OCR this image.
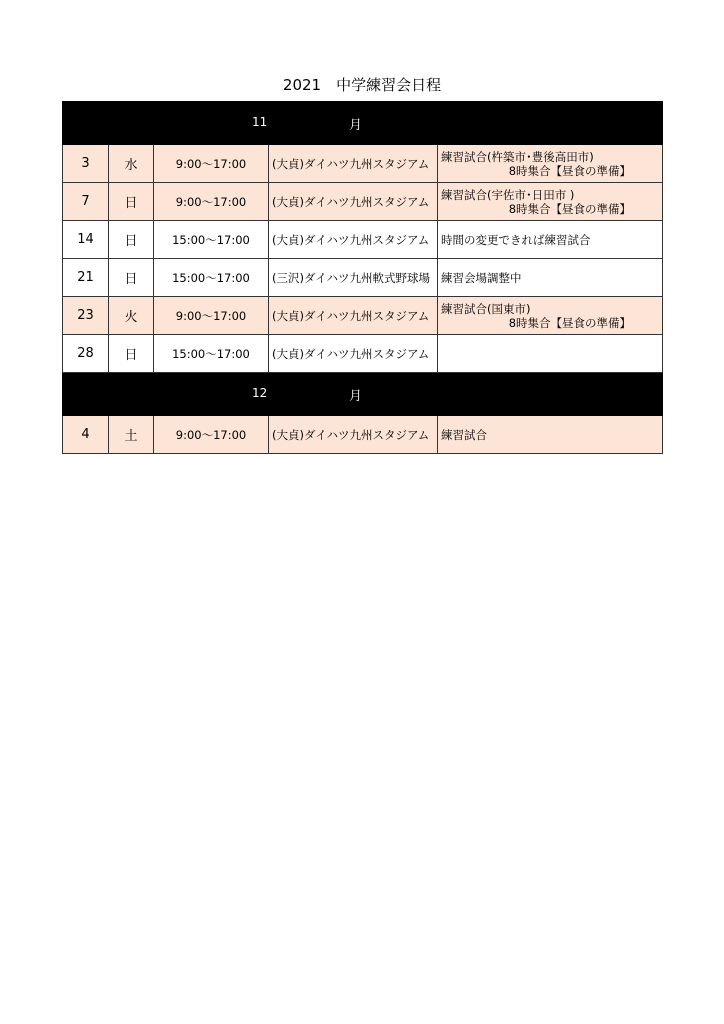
2021　中学練習会日程
11 月				

3	水	9:00〜17:00	(大貞)ダイハツ九州スタジアム	練習試合(杵築市･豊後高田市)
8時集合【昼食の準備】

7	日	9:00〜17:00	(大貞)ダイハツ九州スタジアム	練習試合(宇佐市･日田市 )
8時集合【昼食の準備】

14	日	15:00〜17:00	(大貞)ダイハツ九州スタジアム	時間の変更できれば練習試合

21	日	15:00〜17:00	(三沢)ダイハツ九州軟式野球場	練習会場調整中

23	火	9:00〜17:00	(大貞)ダイハツ九州スタジアム	練習試合(国東市)
8時集合【昼食の準備】

28	日	15:00〜17:00	(大貞)ダイハツ九州スタジアム	

12 月				

4	土	9:00〜17:00	(大貞)ダイハツ九州スタジアム	練習試合
